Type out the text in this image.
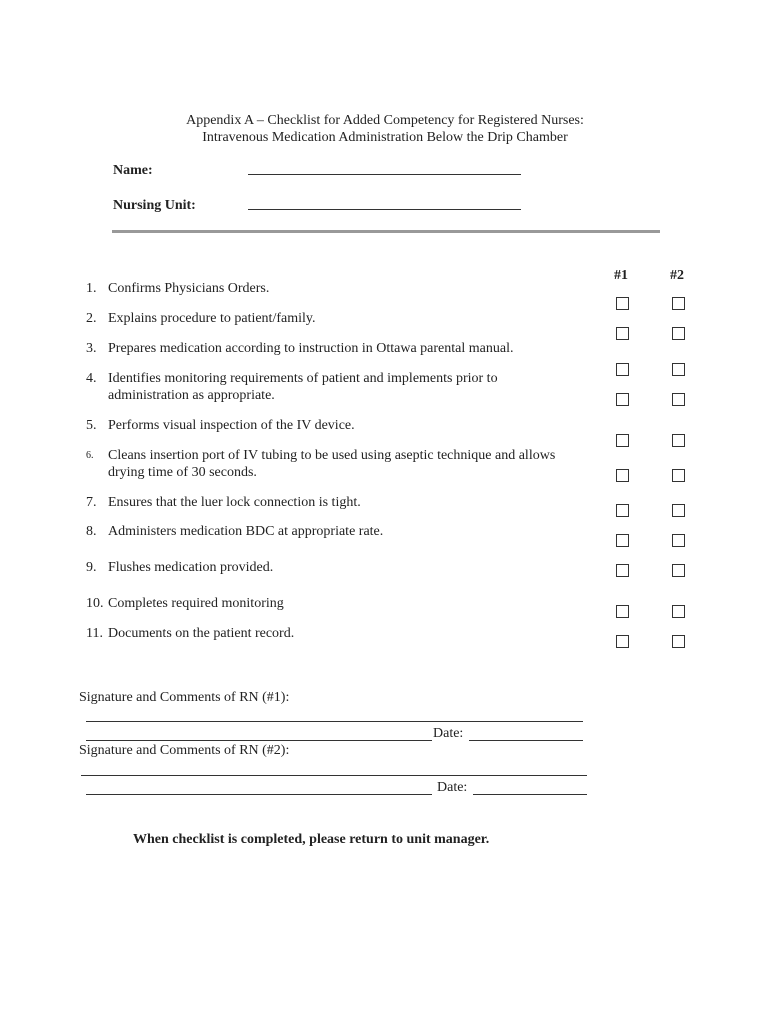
Appendix A – Checklist for Added Competency for Registered Nurses:
Intravenous Medication Administration Below the Drip Chamber
Name:
Nursing Unit:
#1	#2
1. Confirms Physicians Orders.
2. Explains procedure to patient/family.
3. Prepares medication according to instruction in Ottawa parental manual.
4. Identifies monitoring requirements of patient and implements prior to administration as appropriate.
5. Performs visual inspection of the IV device.
6. Cleans insertion port of IV tubing to be used using aseptic technique and allows drying time of 30 seconds.
7. Ensures that the luer lock connection is tight.
8. Administers medication BDC at appropriate rate.
9. Flushes medication provided.
10. Completes required monitoring
11. Documents on the patient record.
Signature and Comments of RN (#1):
Date:
Signature and Comments of RN (#2):
Date:
When checklist is completed, please return to unit manager.
